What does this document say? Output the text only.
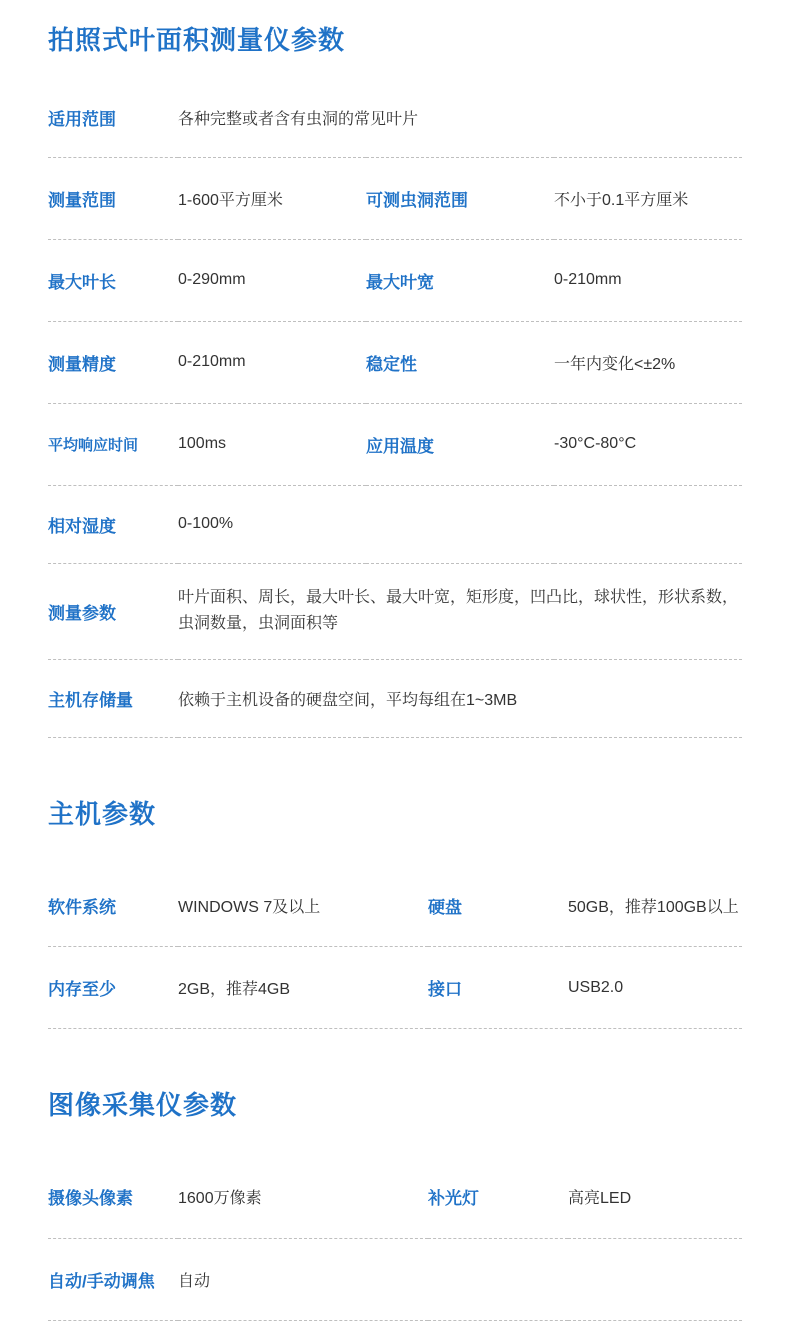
拍照式叶面积测量仪参数
适用范围	各种完整或者含有虫洞的常见叶片		
测量范围	1-600平方厘米	可测虫洞范围	不小于0.1平方厘米
最大叶长	0-290mm	最大叶宽	0-210mm
测量精度	0-210mm	稳定性	一年内变化<±2%
平均响应时间	100ms	应用温度	-30°C-80°C
相对湿度	0-100%		
测量参数	叶片面积、周长，最大叶长、最大叶宽，矩形度，凹凸比，球状性，形状系数，虫洞数量，虫洞面积等		
主机存储量	依赖于主机设备的硬盘空间，平均每组在1~3MB		
主机参数
软件系统	WINDOWS 7及以上	硬盘	50GB，推荐100GB以上
内存至少	2GB，推荐4GB	接口	USB2.0
图像采集仪参数
摄像头像素	1600万像素	补光灯	高亮LED
自动/手动调焦	自动		
